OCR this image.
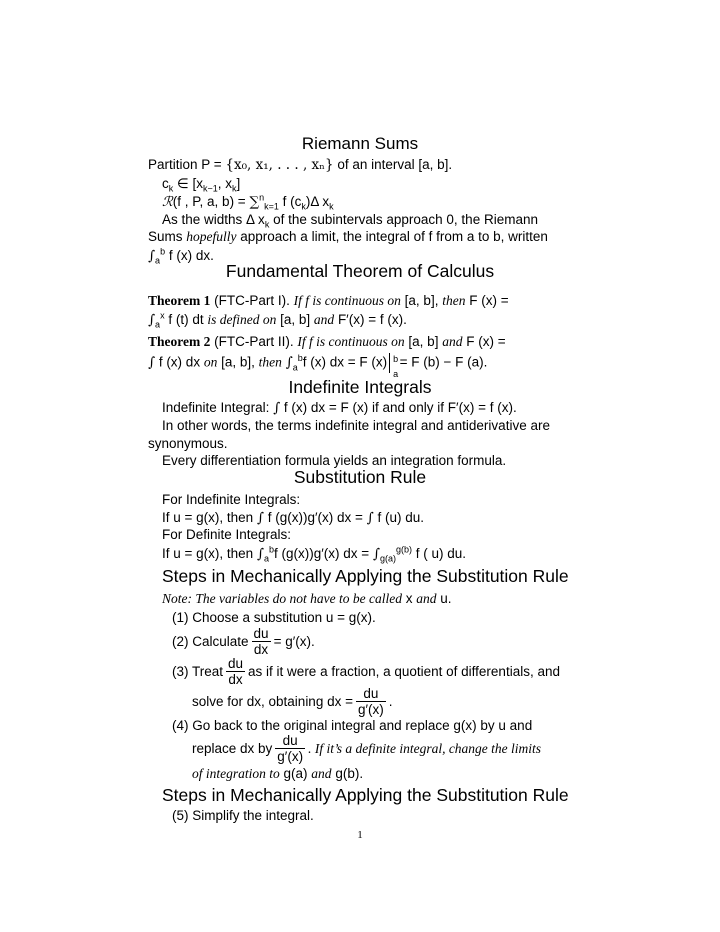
Riemann Sums
Partition P = {x₀, x₁, . . . , xₙ} of an interval [a, b].
$c_k$ ∈ [$x_{k-1}$, $x_k$]
ℛ(f , P, a, b) = ∑$^n_{k=1}$ f $(c_k)\Delta$ $x_k$
As the widths Δ $x_k$ of the subintervals approach 0, the Riemann
Sums hopefully approach a limit, the integral of f from a to b, written
$\int_a^b$ f (x) dx.
Fundamental Theorem of Calculus
Theorem 1 (FTC-Part I). If f is continuous on [a, b], then F (x) =
$\int_a^x$ f (t) dt is defined on [a, b] and F′(x) = f (x).
Theorem 2 (FTC-Part II). If f is continuous on [a, b] and F (x) =
∫ f (x) dx on [a, b], then $\int_a^bf$ (x) dx = F (x) b
a
= F (b) − F (a).
Indefinite Integrals
Indefinite Integral: ∫ f (x) dx = F (x) if and only if F′(x) = f (x).
In other words, the terms indefinite integral and antiderivative are
synonymous.
Every differentiation formula yields an integration formula.
Substitution Rule
For Indefinite Integrals:
If u = g(x), then ∫ f (g(x))g′(x) dx = ∫ f (u) du.
For Definite Integrals:
If u = g(x), then $\int_a^bf$ (g(x))g′(x) dx = $\int_{g(a)}^{g(b)}$ f ( u) du.
Steps in Mechanically Applying the Substitution Rule
Note: The variables do not have to be called x and u.
(1) Choose a substitution u = g(x).
(2) Calculate $\frac{du}{dx} = g'(x)$.
(3) Treat $\frac{du}{dx}$ as if it were a fraction, a quotient of differentials, and
solve for dx, obtaining dx = $\frac{du}{g'(x)}$ .
(4) Go back to the original integral and replace g(x) by u and
replace dx by $\frac{du}{g'(x)}$ . If it’s a definite integral, change the limits
of integration to g(a) and g(b).
Steps in Mechanically Applying the Substitution Rule
(5) Simplify the integral.
1
